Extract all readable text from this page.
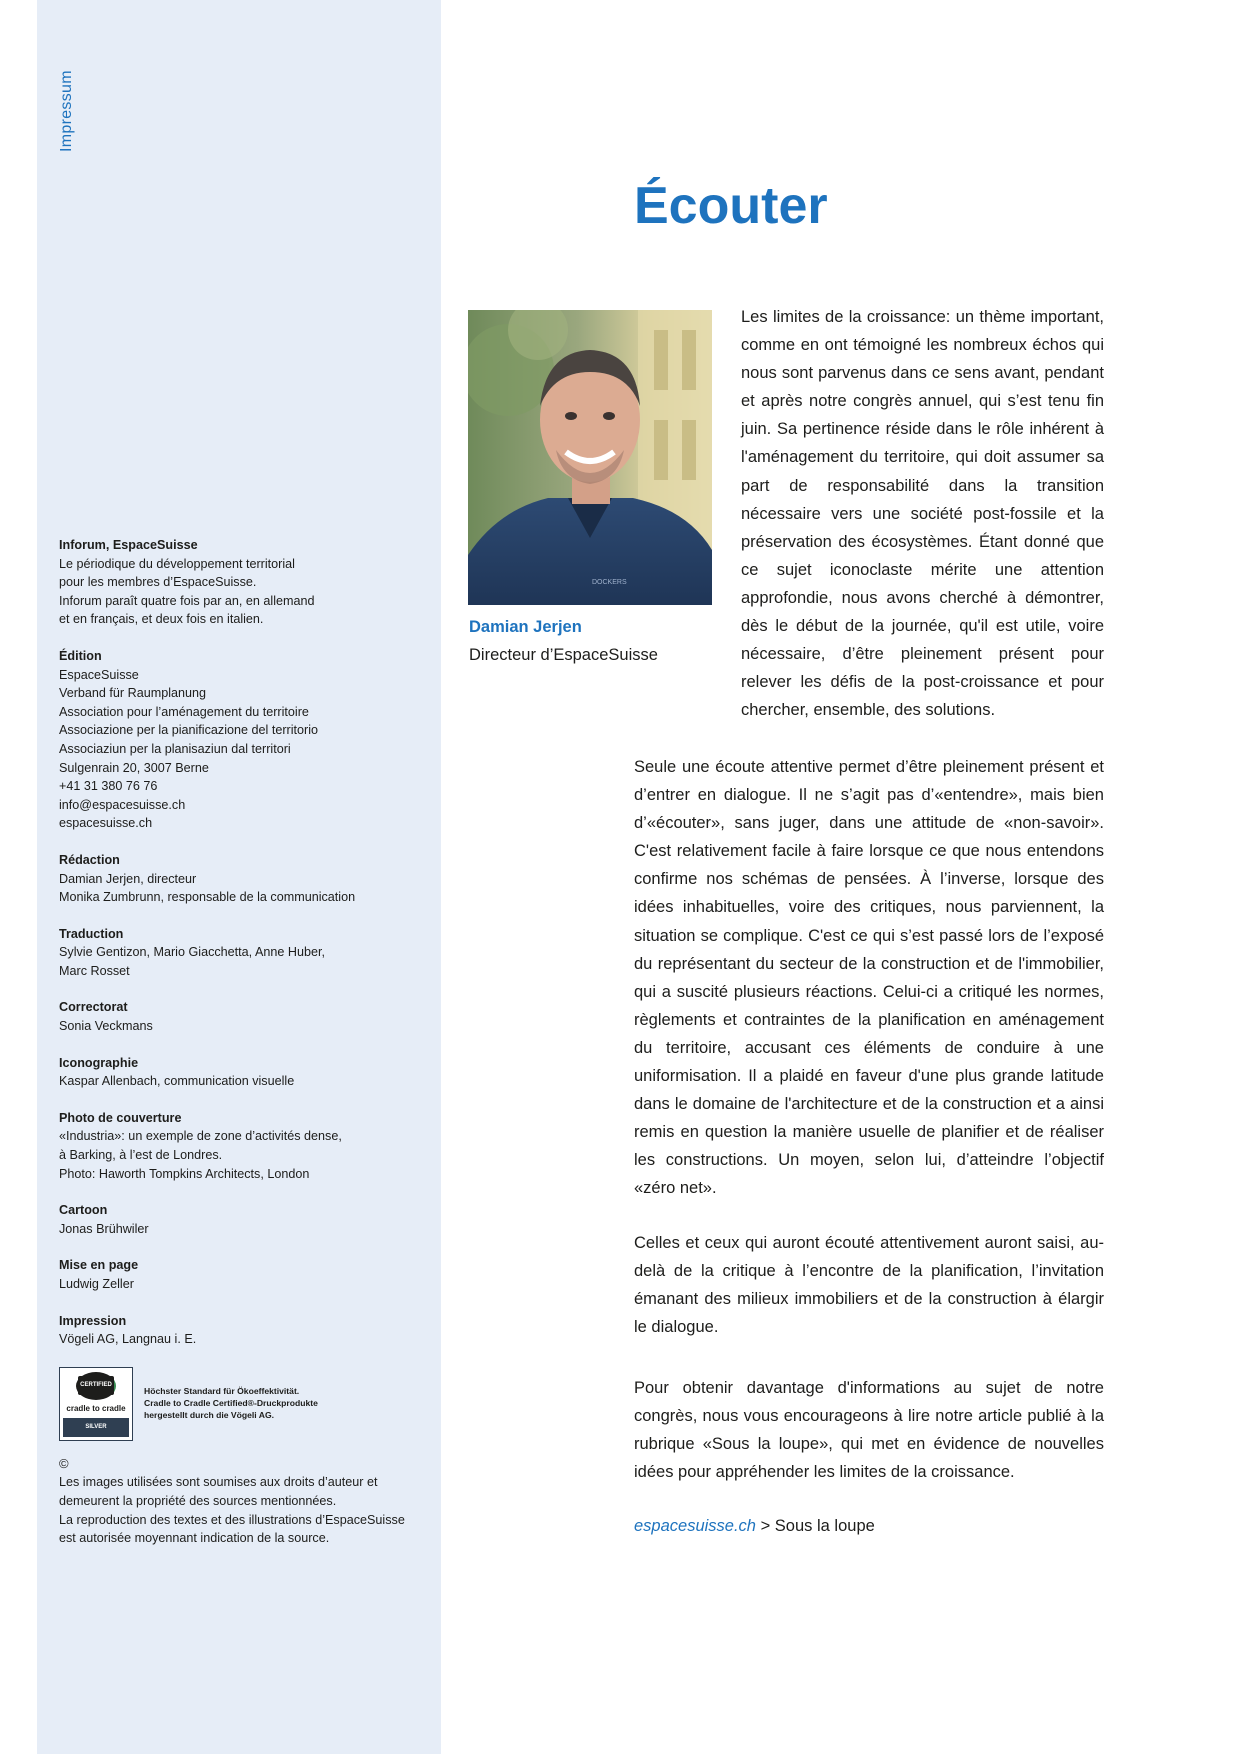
Impressum
Inforum, EspaceSuisse
Le périodique du développement territorial
pour les membres d’EspaceSuisse.
Inforum paraît quatre fois par an, en allemand
et en français, et deux fois en italien.
Édition
EspaceSuisse
Verband für Raumplanung
Association pour l’aménagement du territoire
Associazione per la pianificazione del territorio
Associaziun per la planisaziun dal territori
Sulgenrain 20, 3007 Berne
+41 31 380 76 76
info@espacesuisse.ch
espacesuisse.ch
Rédaction
Damian Jerjen, directeur
Monika Zumbrunn, responsable de la communication
Traduction
Sylvie Gentizon, Mario Giacchetta, Anne Huber,
Marc Rosset
Correctorat
Sonia Veckmans
Iconographie
Kaspar Allenbach, communication visuelle
Photo de couverture
«Industria»: un exemple de zone d’activités dense,
à Barking, à l’est de Londres.
Photo: Haworth Tompkins Architects, London
Cartoon
Jonas Brühwiler
Mise en page
Ludwig Zeller
Impression
Vögeli AG, Langnau i. E.
CERTIFIED
cradle to cradle
SILVER
Höchster Standard für Ökoeffektivität.
Cradle to Cradle Certified®-Druckprodukte
hergestellt durch die Vögeli AG.
©
Les images utilisées sont soumises aux droits d’auteur et
demeurent la propriété des sources mentionnées.
La reproduction des textes et des illustrations d’EspaceSuisse
est autorisée moyennant indication de la source.
Écouter
DOCKERS
Damian Jerjen
Directeur d’EspaceSuisse

Les limites de la croissance: un thème important, comme en ont témoigné les nombreux échos qui nous sont parvenus dans ce sens avant, pendant et après notre congrès annuel, qui s’est tenu fin juin. Sa pertinence réside dans le rôle inhérent à l'aménagement du territoire, qui doit assumer sa part de responsabilité dans la transition nécessaire vers une société post-fossile et la préservation des écosystèmes. Étant donné que ce sujet iconoclaste mérite une attention approfondie, nous avons cherché à démontrer, dès le début de la journée, qu'il est utile, voire nécessaire, d’être pleinement présent pour relever les défis de la post-croissance et pour chercher, ensemble, des solutions.

Seule une écoute attentive permet d’être pleinement présent et d’entrer en dialogue. Il ne s’agit pas d’«entendre», mais bien d’«écouter», sans juger, dans une attitude de «non-savoir». C'est relativement facile à faire lorsque ce que nous entendons confirme nos schémas de pensées. À l’inverse, lorsque des idées inhabituelles, voire des critiques, nous parviennent, la situation se complique. C'est ce qui s’est passé lors de l’exposé du représentant du secteur de la construction et de l'immobilier, qui a suscité plusieurs réactions. Celui-ci a critiqué les normes, règlements et contraintes de la planification en aménagement du territoire, accusant ces éléments de conduire à une uniformisation. Il a plaidé en faveur d'une plus grande latitude dans le domaine de l'architecture et de la construction et a ainsi remis en question la manière usuelle de planifier et de réaliser les constructions. Un moyen, selon lui, d’atteindre l’objectif «zéro net».

Celles et ceux qui auront écouté attentivement auront saisi, au-delà de la critique à l’encontre de la planification, l’invitation émanant des milieux immobiliers et de la construction à élargir le dialogue.

Pour obtenir davantage d'informations au sujet de notre congrès, nous vous encourageons à lire notre article publié à la rubrique «Sous la loupe», qui met en évidence de nouvelles idées pour appréhender les limites de la croissance.

espacesuisse.ch > Sous la loupe
